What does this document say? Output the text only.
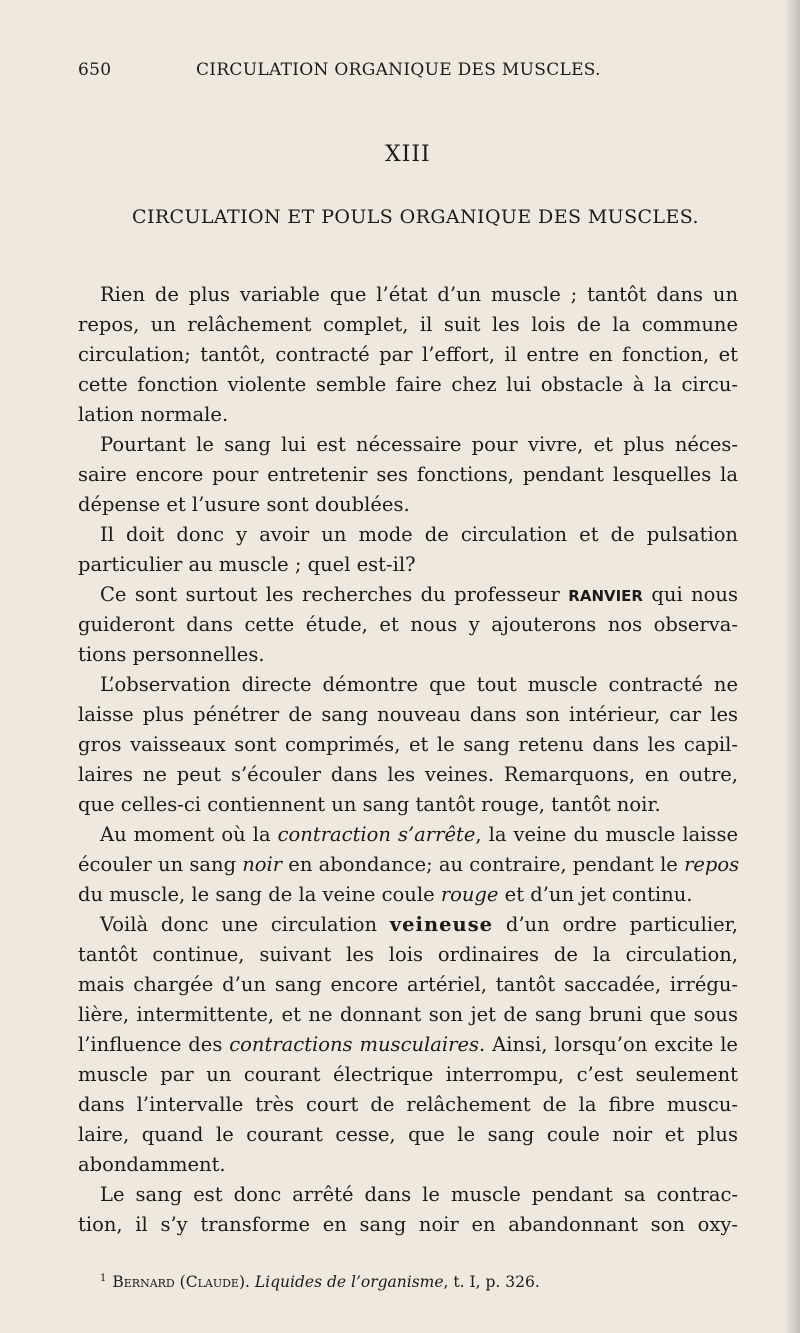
650	CIRCULATION ORGANIQUE DES MUSCLES.
XIII
CIRCULATION ET POULS ORGANIQUE DES MUSCLES.
Rien de plus variable que l’état d’un muscle ; tantôt dans un
repos, un relâchement complet, il suit les lois de la commune
circulation; tantôt, contracté par l’effort, il entre en fonction, et
cette fonction violente semble faire chez lui obstacle à la circu-
lation normale.
Pourtant le sang lui est nécessaire pour vivre, et plus néces-
saire encore pour entretenir ses fonctions, pendant lesquelles la
dépense et l’usure sont doublées.
Il doit donc y avoir un mode de circulation et de pulsation
particulier au muscle ; quel est-il?
Ce sont surtout les recherches du professeur RANVIER qui nous
guideront dans cette étude, et nous y ajouterons nos observa-
tions personnelles.
L’observation directe démontre que tout muscle contracté ne
laisse plus pénétrer de sang nouveau dans son intérieur, car les
gros vaisseaux sont comprimés, et le sang retenu dans les capil-
laires ne peut s’écouler dans les veines. Remarquons, en outre,
que celles-ci contiennent un sang tantôt rouge, tantôt noir.
Au moment où la contraction s’arrête, la veine du muscle laisse
écouler un sang noir en abondance; au contraire, pendant le repos
du muscle, le sang de la veine coule rouge et d’un jet continu.
Voilà donc une circulation veineuse d’un ordre particulier,
tantôt continue, suivant les lois ordinaires de la circulation,
mais chargée d’un sang encore artériel, tantôt saccadée, irrégu-
lière, intermittente, et ne donnant son jet de sang bruni que sous
l’influence des contractions musculaires. Ainsi, lorsqu’on excite le
muscle par un courant électrique interrompu, c’est seulement
dans l’intervalle très court de relâchement de la fibre muscu-
laire, quand le courant cesse, que le sang coule noir et plus
abondamment.
Le sang est donc arrêté dans le muscle pendant sa contrac-
tion, il s’y transforme en sang noir en abandonnant son oxy-
$^1$ Bernard (Claude). Liquides de l’organisme, t. I, p. 326.
